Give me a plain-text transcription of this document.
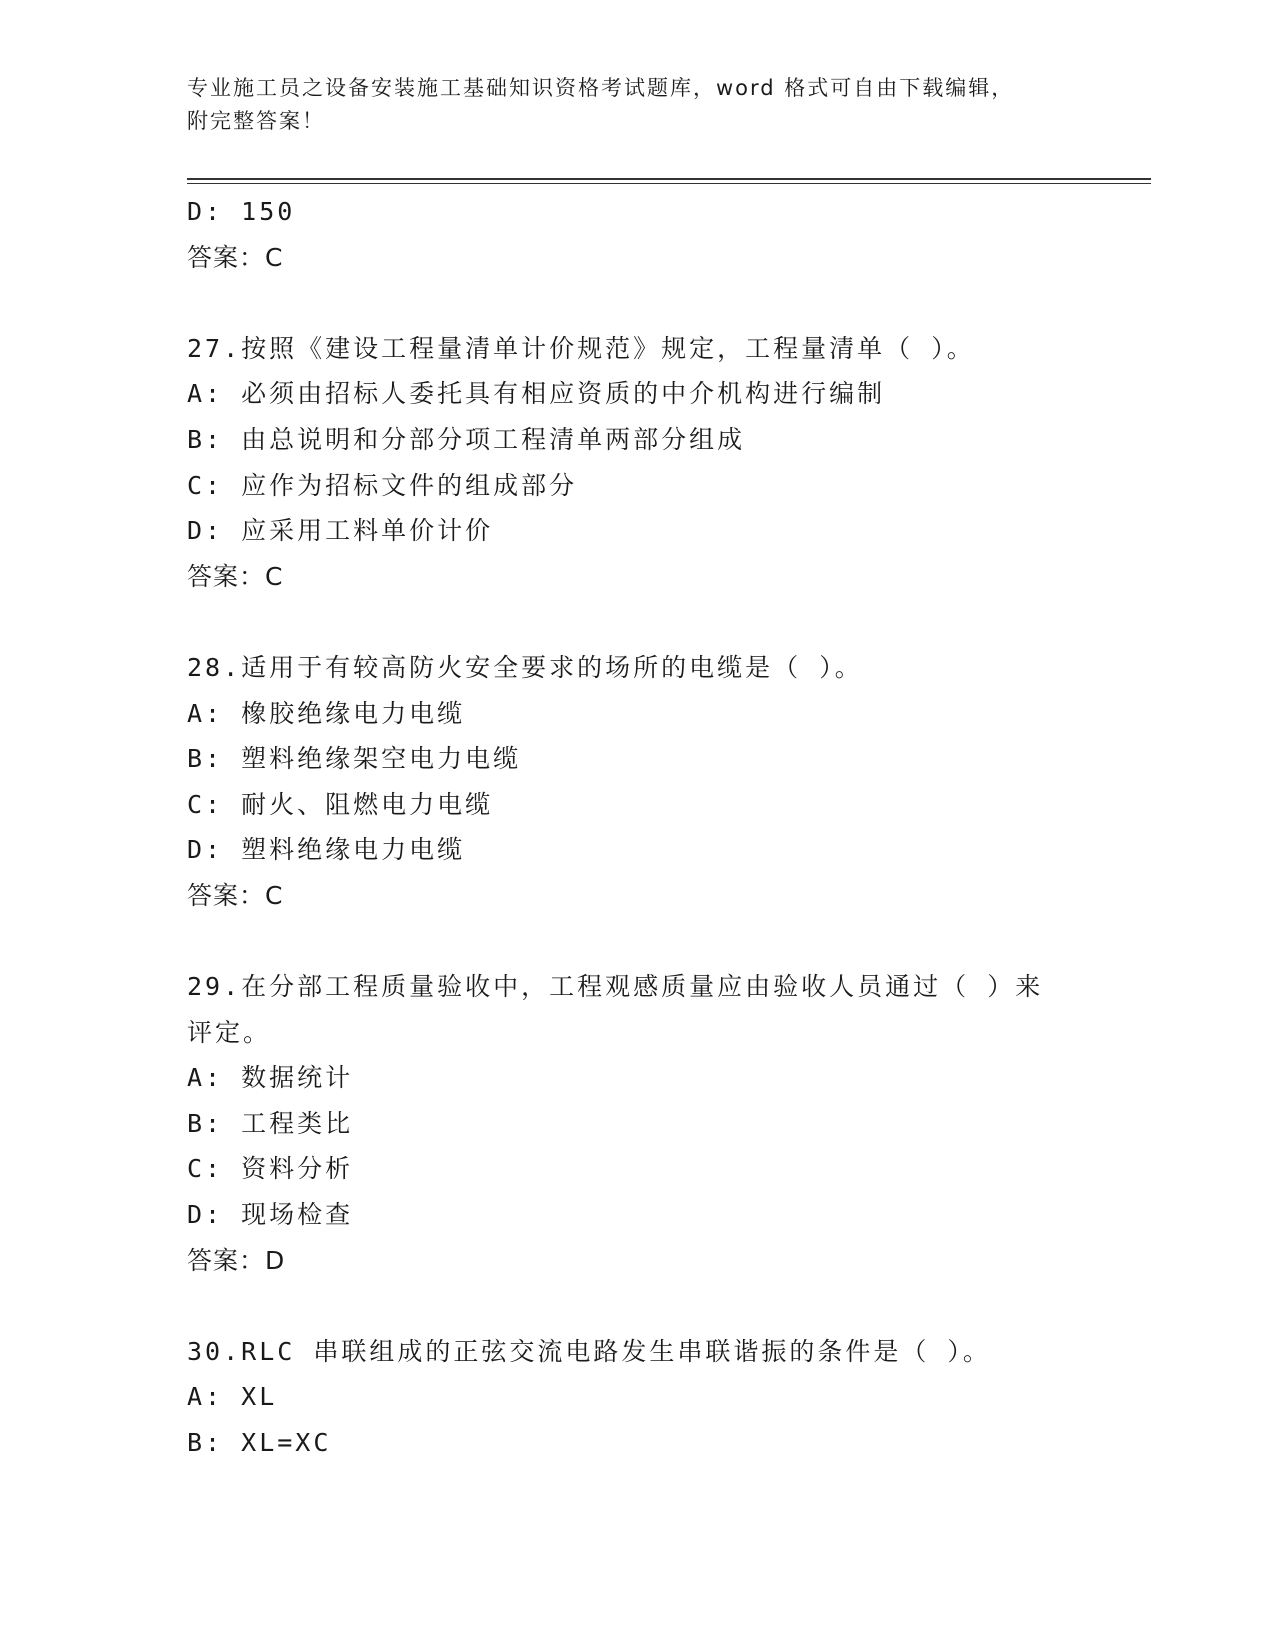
专业施工员之设备安装施工基础知识资格考试题库，word 格式可自由下载编辑，
附完整答案！
D: 150
答案：C
27.按照《建设工程量清单计价规范》规定，工程量清单（ ）。
A: 必须由招标人委托具有相应资质的中介机构进行编制
B: 由总说明和分部分项工程清单两部分组成
C: 应作为招标文件的组成部分
D: 应采用工料单价计价
答案：C
28.适用于有较高防火安全要求的场所的电缆是（ ）。
A: 橡胶绝缘电力电缆
B: 塑料绝缘架空电力电缆
C: 耐火、阻燃电力电缆
D: 塑料绝缘电力电缆
答案：C
29.在分部工程质量验收中，工程观感质量应由验收人员通过（ ）来
评定。
A: 数据统计
B: 工程类比
C: 资料分析
D: 现场检查
答案：D
30.RLC 串联组成的正弦交流电路发生串联谐振的条件是（ ）。
A: XL
B: XL=XC
